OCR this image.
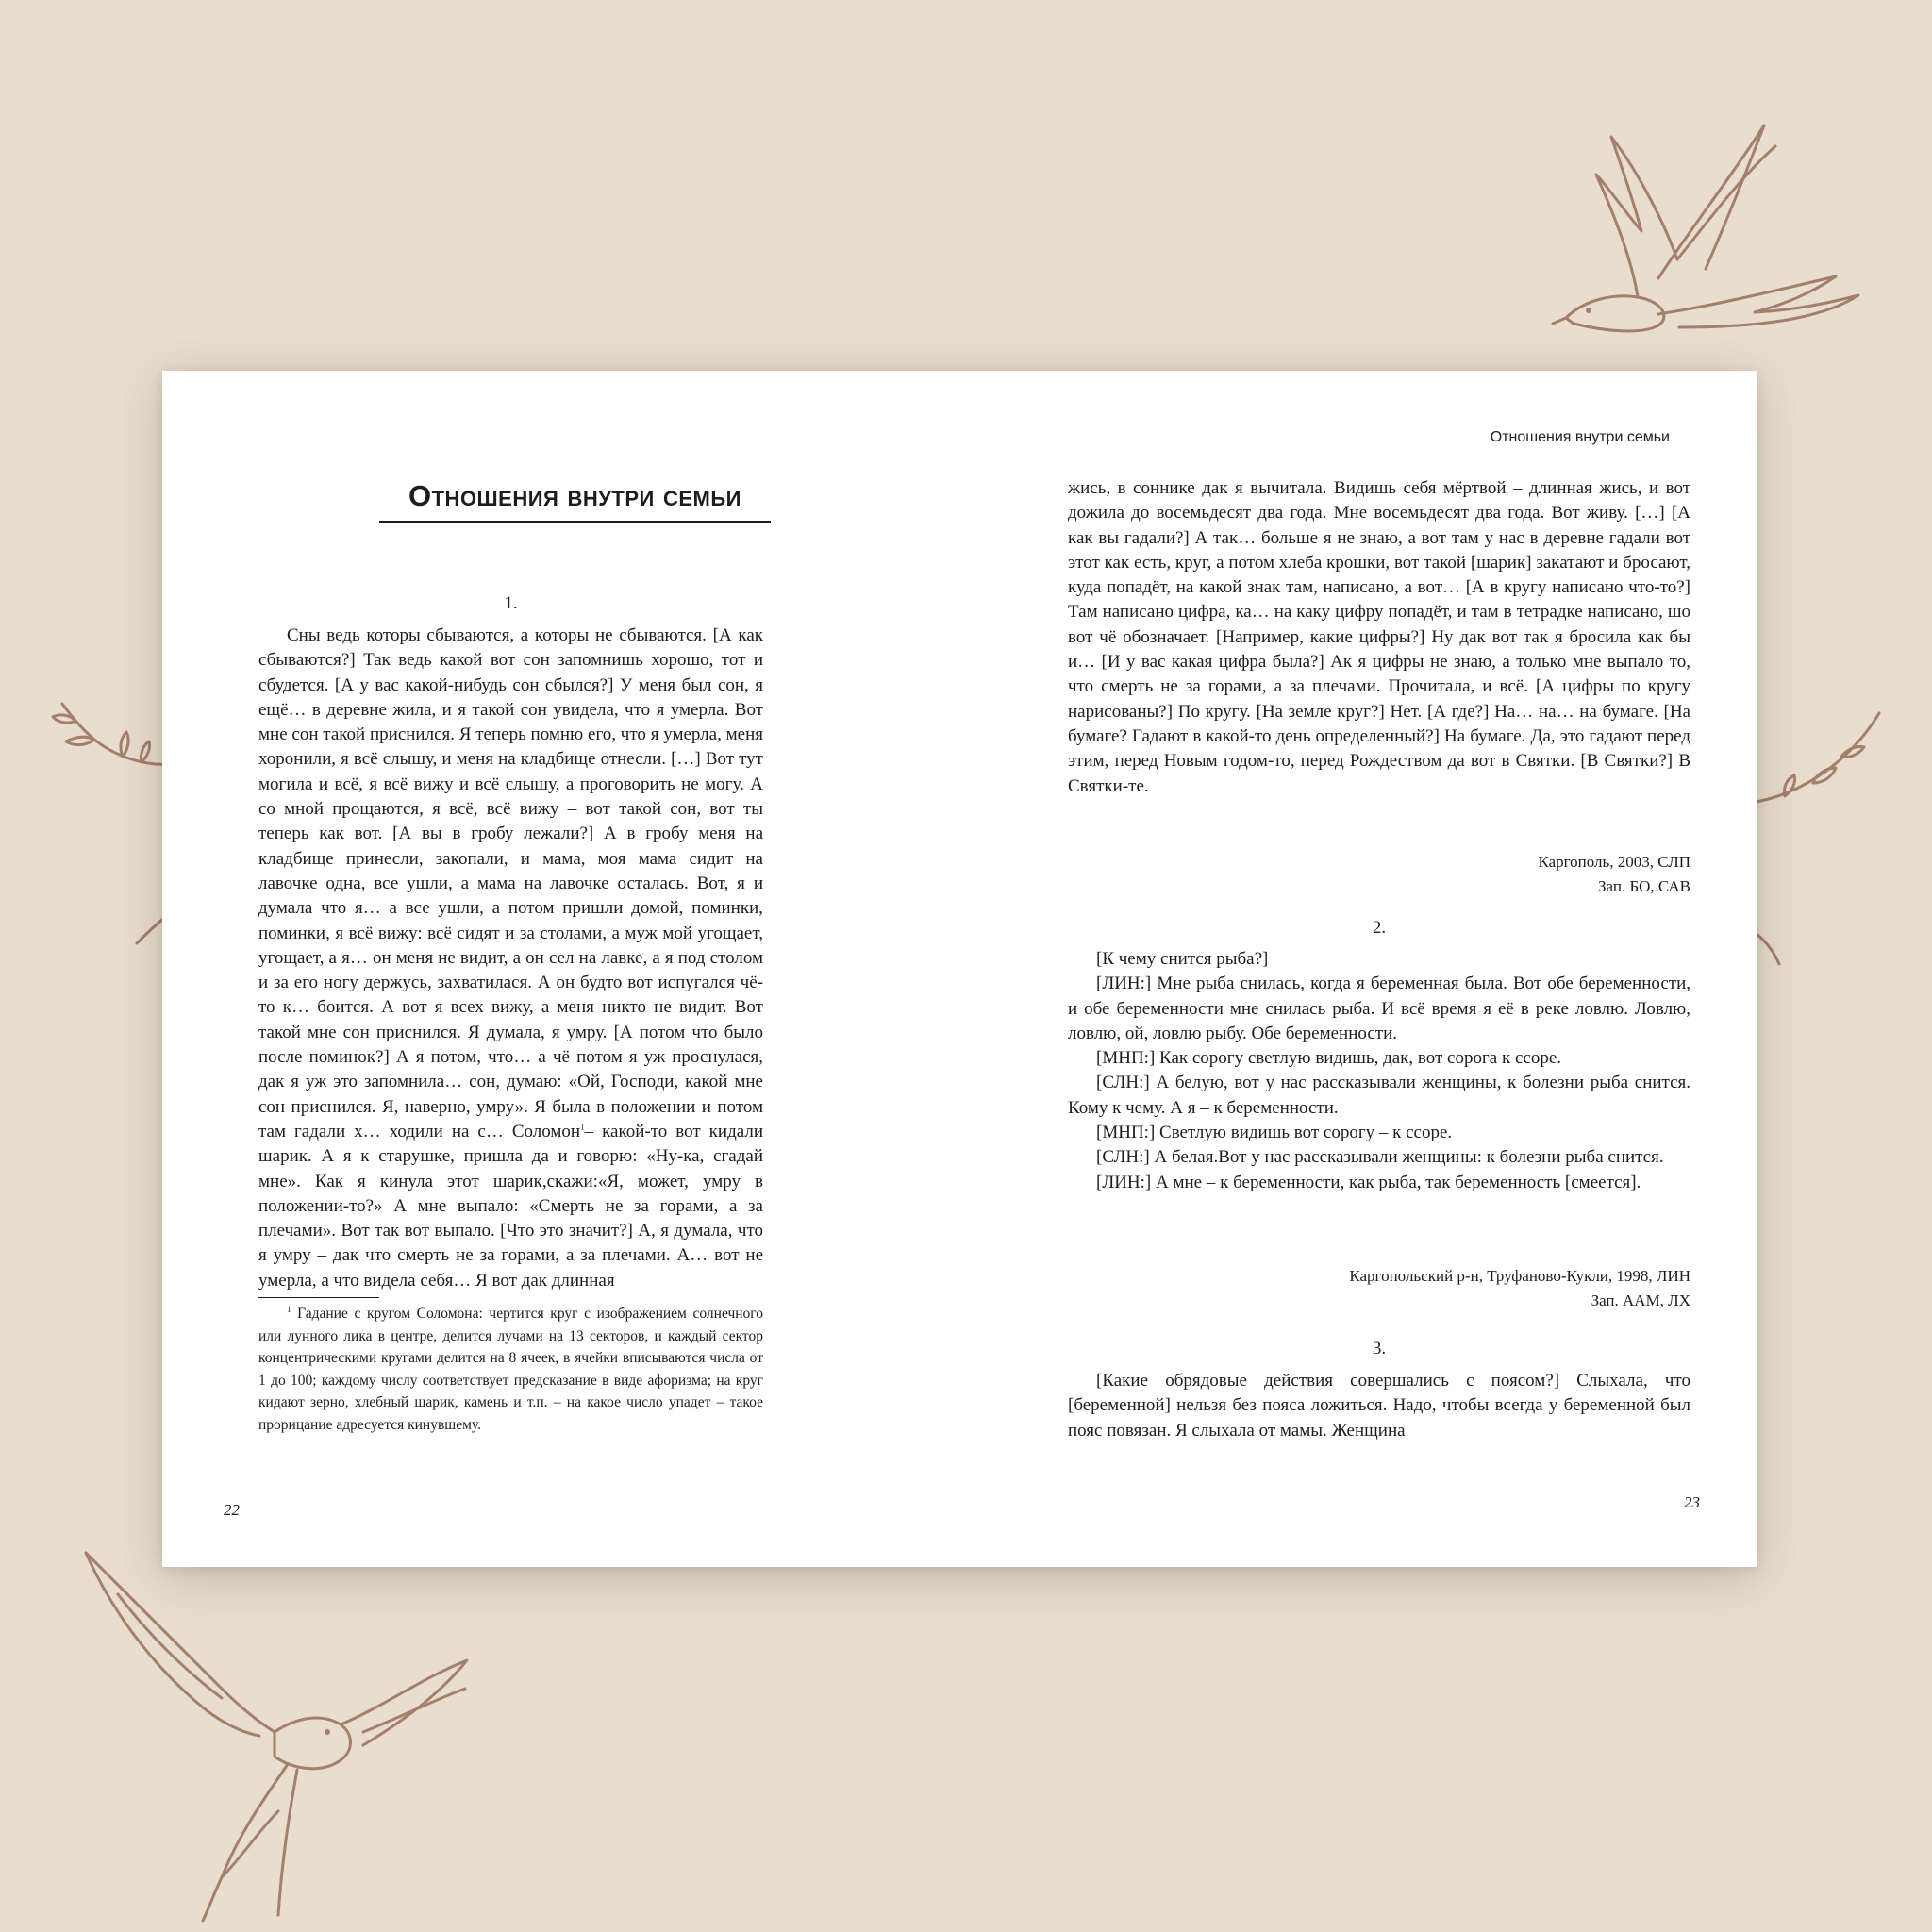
Отношения внутри семьи
1.

Сны ведь которы сбываются, а которы не сбываются. [А как сбываются?] Так ведь какой вот сон запомнишь хорошо, тот и сбудется. [А у вас какой-нибудь сон сбылся?] У меня был сон, я ещё… в деревне жила, и я такой сон увидела, что я умерла. Вот мне сон такой приснился. Я теперь помню его, что я умерла, меня хоронили, я всё слышу, и меня на кладбище отнесли. […] Вот тут могила и всё, я всё вижу и всё слышу, а проговорить не могу. А со мной прощаются, я всё, всё вижу – вот такой сон, вот ты теперь как вот. [А вы в гробу лежали?] А в гробу меня на кладбище принесли, закопали, и мама, моя мама сидит на лавочке одна, все ушли, а мама на лавочке осталась. Вот, я и думала что я… а все ушли, а потом пришли домой, поминки, поминки, я всё вижу: всё сидят и за столами, а муж мой угощает, угощает, а я… он меня не видит, а он сел на лавке, а я под столом и за его ногу держусь, захватилася. А он будто вот испугался чё-то к… боится. А вот я всех вижу, а меня никто не видит. Вот такой мне сон приснился. Я думала, я умру. [А потом что было после поминок?] А я потом, что… а чё потом я уж проснулася, дак я уж это запомнила… сон, думаю: «Ой, Господи, какой мне сон приснился. Я, наверно, умру». Я была в положении и потом там гадали х… ходили на с… Соломон$^1$– какой-то вот кидали шарик. А я к старушке, пришла да и говорю: «Ну-ка, сгадай мне». Как я кинула этот шарик,скажи:«Я, может, умру в положении-то?» А мне выпало: «Смерть не за горами, а за плечами». Вот так вот выпало. [Что это значит?] А, я думала, что я умру – дак что смерть не за горами, а за плечами. А… вот не умерла, а что видела себя… Я вот дак длинная

$^1$ Гадание с кругом Соломона: чертится круг с изображением солнечного или лунного лика в центре, делится лучами на 13 секторов, и каждый сектор концентрическими кругами делится на 8 ячеек, в ячейки вписываются числа от 1 до 100; каждому числу соответствует предсказание в виде афоризма; на круг кидают зерно, хлебный шарик, камень и т.п. – на какое число упадет – такое прорицание адресуется кинувшему.

22
Отношения внутри семьи

жись, в соннике дак я вычитала. Видишь себя мёртвой – длинная жись, и вот дожила до восемьдесят два года. Мне восемьдесят два года. Вот живу. […] [А как вы гадали?] А так… больше я не знаю, а вот там у нас в деревне гадали вот этот как есть, круг, а потом хлеба крошки, вот такой [шарик] закатают и бросают, куда попадёт, на какой знак там, написано, а вот… [А в кругу написано что-то?] Там написано цифра, ка… на каку цифру попадёт, и там в тетрадке написано, шо вот чё обозначает. [Например, какие цифры?] Ну дак вот так я бросила как бы и… [И у вас какая цифра была?] Ак я цифры не знаю, а только мне выпало то, что смерть не за горами, а за плечами. Прочитала, и всё. [А цифры по кругу нарисованы?] По кругу. [На земле круг?] Нет. [А где?] На… на… на бумаге. [На бумаге? Гадают в какой-то день определенный?] На бумаге. Да, это гадают перед этим, перед Новым годом-то, перед Рождеством да вот в Святки. [В Святки?] В Святки-те.

Каргополь, 2003, СЛП
Зап. БО, САВ
2.

[К чему снится рыба?]

[ЛИН:] Мне рыба снилась, когда я беременная была. Вот обе беременности, и обе беременности мне снилась рыба. И всё время я её в реке ловлю. Ловлю, ловлю, ой, ловлю рыбу. Обе беременности.

[МНП:] Как сорогу светлую видишь, дак, вот сорога к ссоре.

[СЛН:] А белую, вот у нас рассказывали женщины, к болезни рыба снится. Кому к чему. А я – к беременности.

[МНП:] Светлую видишь вот сорогу – к ссоре.

[СЛН:] А белая.Вот у нас рассказывали женщины: к болезни рыба снится.

[ЛИН:] А мне – к беременности, как рыба, так беременность [смеется].

Каргопольский р-н, Труфаново-Кукли, 1998, ЛИН
Зап. ААМ, ЛХ
3.

[Какие обрядовые действия совершались с поясом?] Слыхала, что [беременной] нельзя без пояса ложиться. Надо, чтобы всегда у беременной был пояс повязан. Я слыхала от мамы. Женщина

23
